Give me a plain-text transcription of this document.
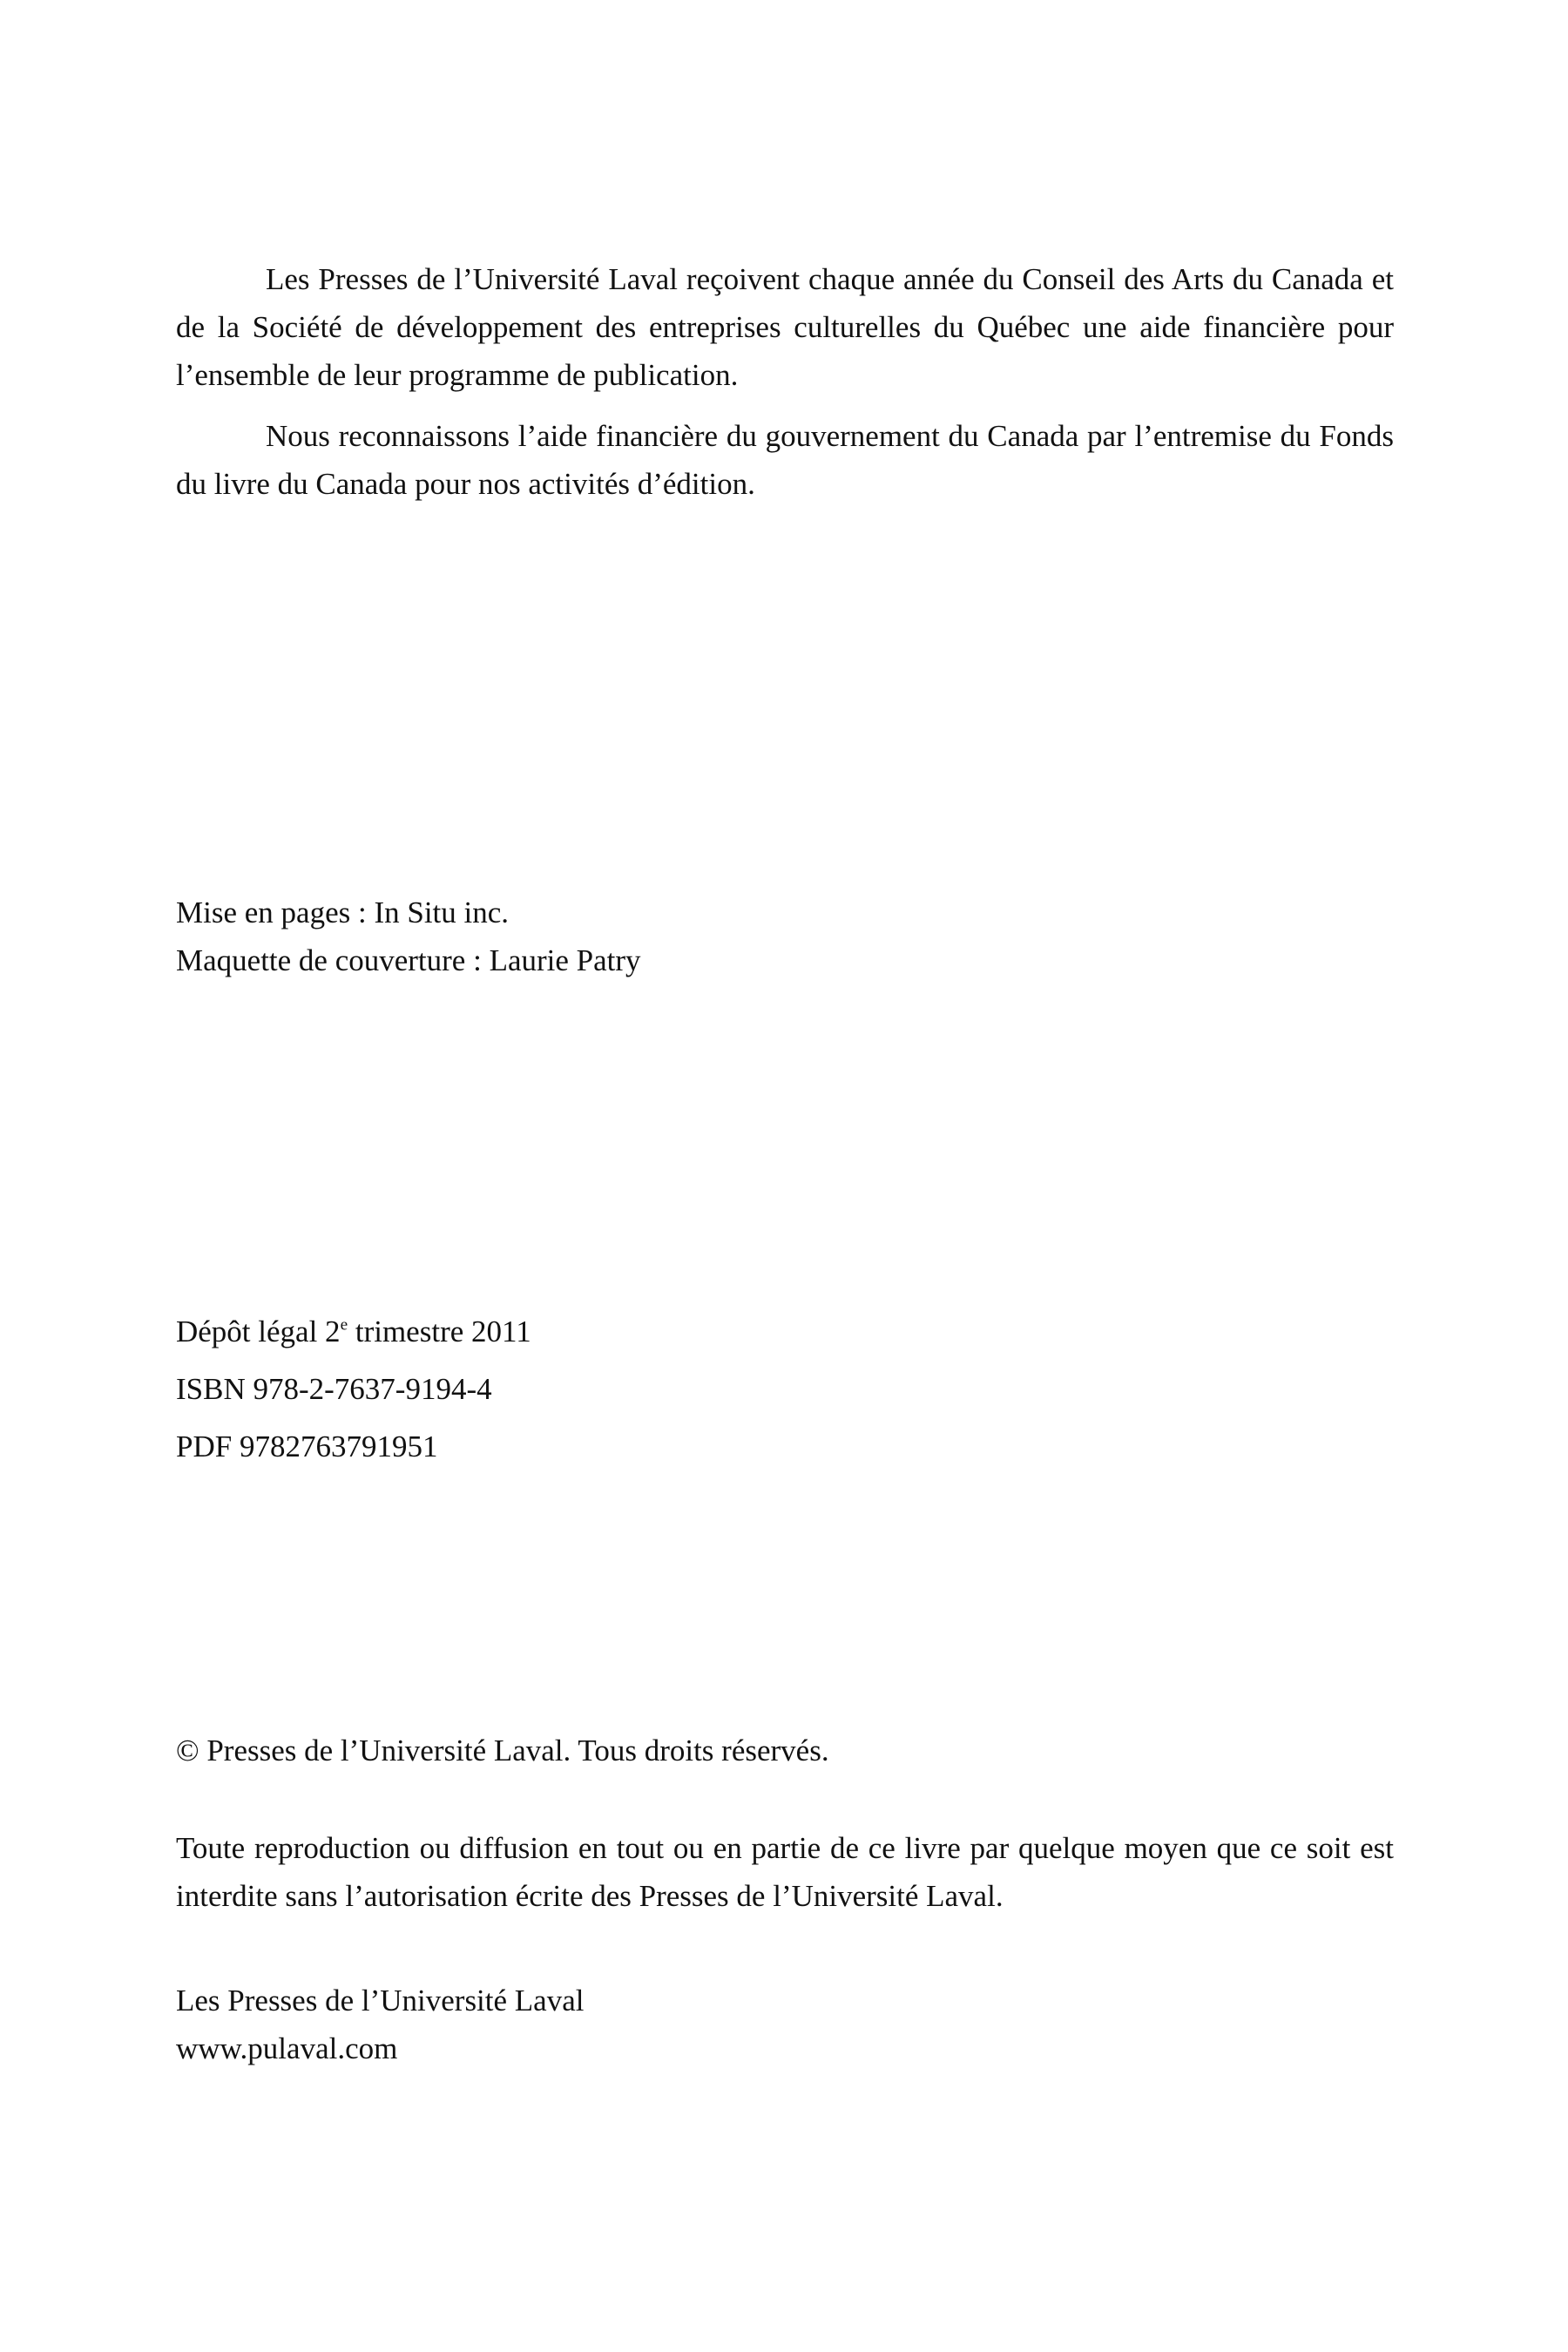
Les Presses de l’Université Laval reçoivent chaque année du Conseil des Arts du Canada et de la Société de développement des entreprises culturelles du Québec une aide financière pour l’ensemble de leur programme de publication.

Nous reconnaissons l’aide financière du gouvernement du Canada par l’entremise du Fonds du livre du Canada pour nos activités d’édition.

Mise en pages : In Situ inc.
Maquette de couverture : Laurie Patry
Dépôt légal 2e trimestre 2011
ISBN 978-2-7637-9194-4
PDF 9782763791951
© Presses de l’Université Laval. Tous droits réservés.

Toute reproduction ou diffusion en tout ou en partie de ce livre par quelque moyen que ce soit est interdite sans l’autorisation écrite des Presses de l’Université Laval.

Les Presses de l’Université Laval
www.pulaval.com
